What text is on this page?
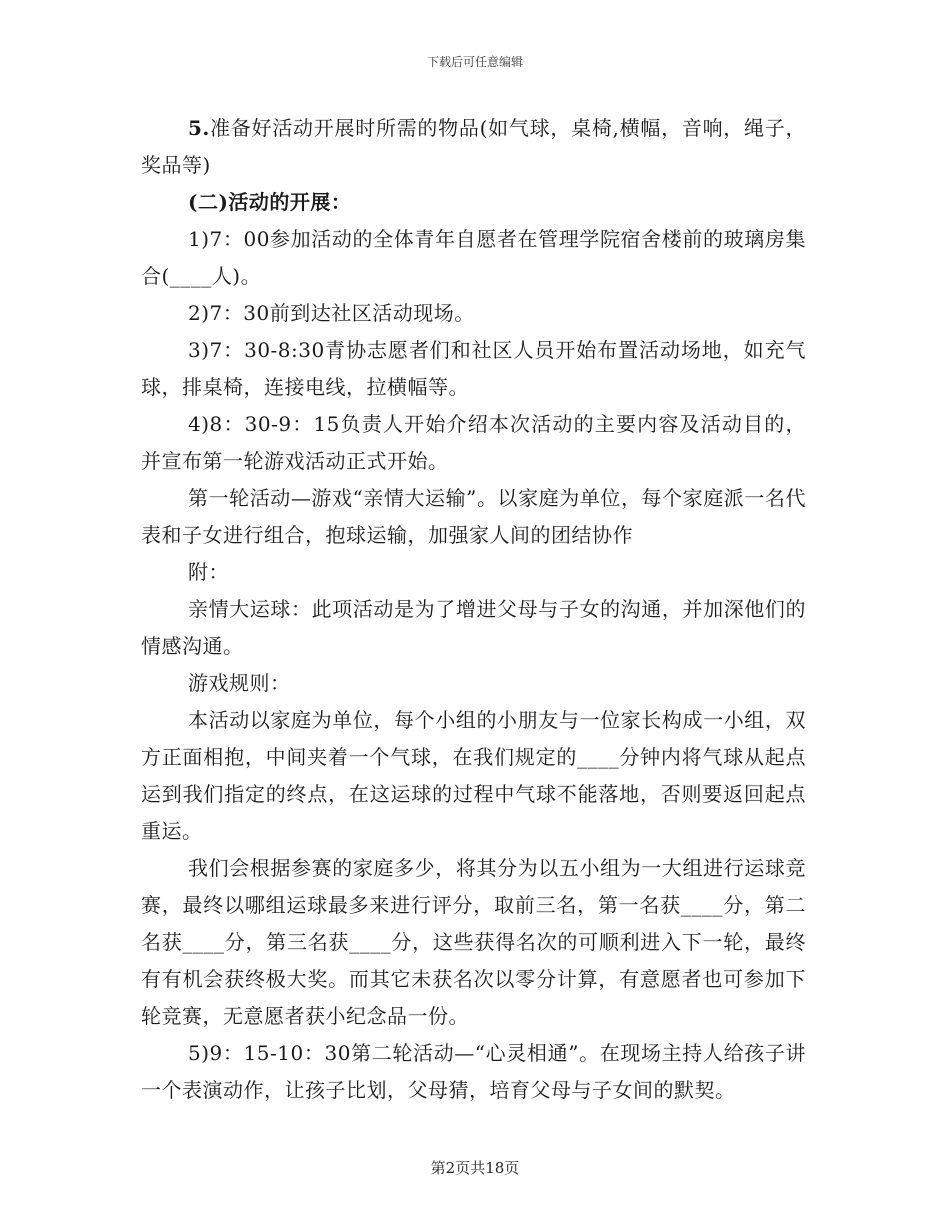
下载后可任意编辑

5.准备好活动开展时所需的物品(如气球，桌椅,横幅，音响，绳子，奖品等)

(二)活动的开展：

1)7：00参加活动的全体青年自愿者在管理学院宿舍楼前的玻璃房集合(____人)。

2)7：30前到达社区活动现场。

3)7：30-8:30青协志愿者们和社区人员开始布置活动场地，如充气球，排桌椅，连接电线，拉横幅等。

4)8：30-9：15负责人开始介绍本次活动的主要内容及活动目的，并宣布第一轮游戏活动正式开始。

第一轮活动—游戏“亲情大运输”。以家庭为单位，每个家庭派一名代表和子女进行组合，抱球运输，加强家人间的团结协作

附：

亲情大运球：此项活动是为了增进父母与子女的沟通，并加深他们的情感沟通。

游戏规则：

本活动以家庭为单位，每个小组的小朋友与一位家长构成一小组，双方正面相抱，中间夹着一个气球，在我们规定的____分钟内将气球从起点运到我们指定的终点，在这运球的过程中气球不能落地，否则要返回起点重运。

我们会根据参赛的家庭多少，将其分为以五小组为一大组进行运球竞赛，最终以哪组运球最多来进行评分，取前三名，第一名获____分，第二名获____分，第三名获____分，这些获得名次的可顺利进入下一轮，最终有有机会获终极大奖。而其它未获名次以零分计算，有意愿者也可参加下轮竞赛，无意愿者获小纪念品一份。

5)9：15-10：30第二轮活动—“心灵相通”。在现场主持人给孩子讲一个表演动作，让孩子比划，父母猜，培育父母与子女间的默契。

第2页共18页
